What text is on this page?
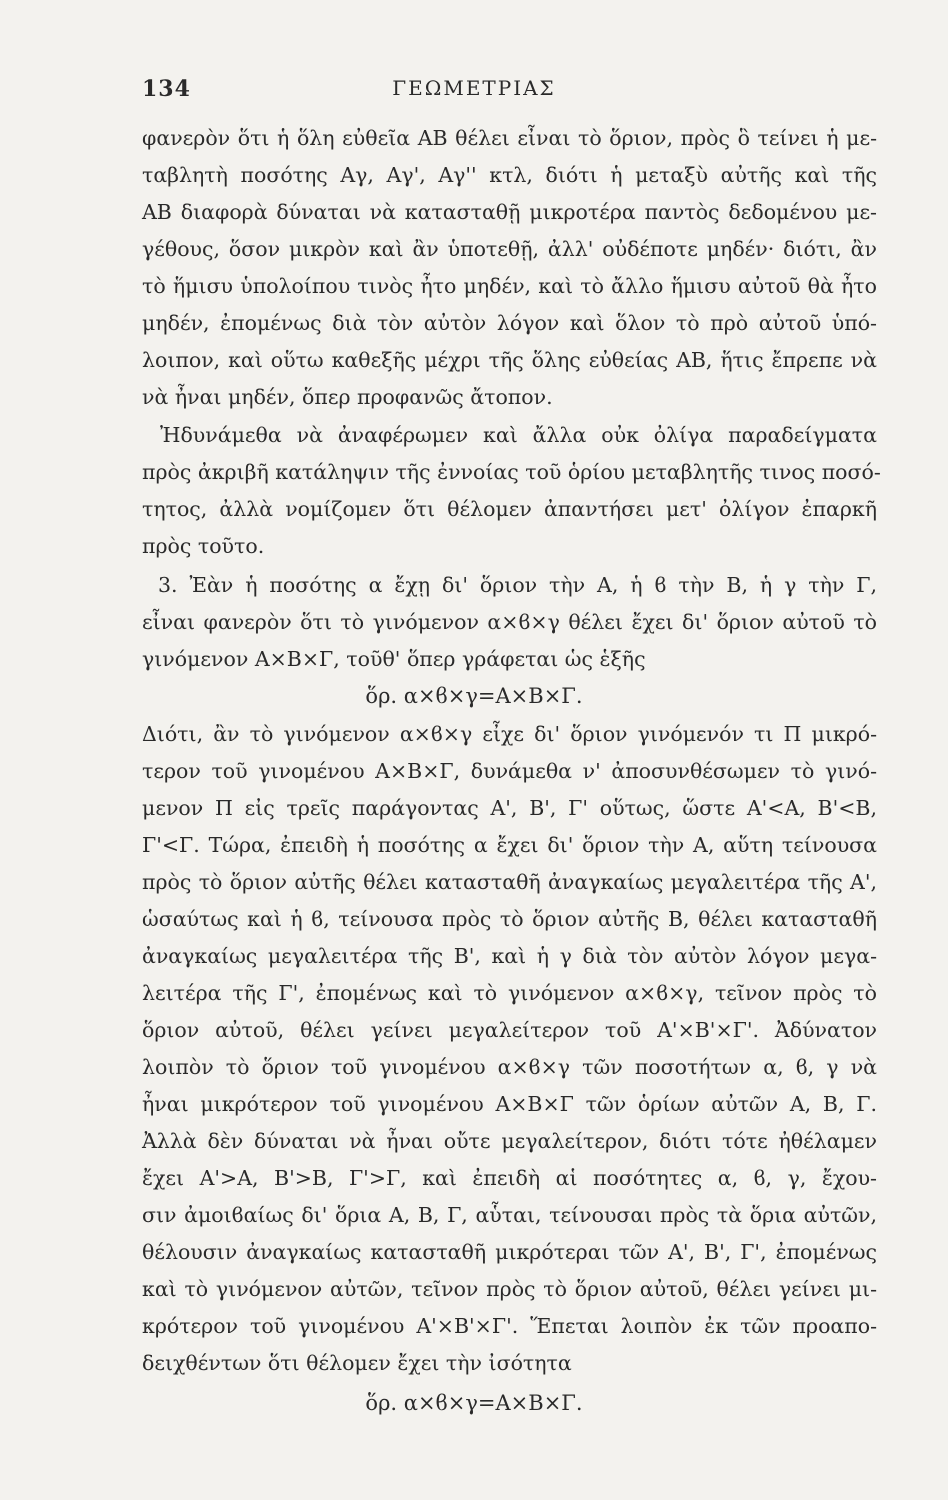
134	ΓΕΩΜΕΤΡΙΑΣ
φανερὸν ὅτι ἡ ὅλη εὐθεῖα ΑΒ θέλει εἶναι τὸ ὅριον, πρὸς ὃ τείνει ἡ με-
ταβλητὴ ποσότης Αγ, Αγ', Αγ'' κτλ, διότι ἡ μεταξὺ αὐτῆς καὶ τῆς
ΑΒ διαφορὰ δύναται νὰ κατασταθῇ μικροτέρα παντὸς δεδομένου με-
γέθους, ὅσον μικρὸν καὶ ἂν ὑποτεθῇ, ἀλλ' οὐδέποτε μηδέν· διότι, ἂν
τὸ ἥμισυ ὑπολοίπου τινὸς ἦτο μηδέν, καὶ τὸ ἄλλο ἥμισυ αὐτοῦ θὰ ἦτο
μηδέν, ἐπομένως διὰ τὸν αὐτὸν λόγον καὶ ὅλον τὸ πρὸ αὐτοῦ ὑπό-
λοιπον, καὶ οὕτω καθεξῆς μέχρι τῆς ὅλης εὐθείας ΑΒ, ἥτις ἔπρεπε νὰ
νὰ ἦναι μηδέν, ὅπερ προφανῶς ἄτοπον.
Ἠδυνάμεθα νὰ ἀναφέρωμεν καὶ ἄλλα οὐκ ὀλίγα παραδείγματα
πρὸς ἀκριβῆ κατάληψιν τῆς ἐννοίας τοῦ ὁρίου μεταβλητῆς τινος ποσό-
τητος, ἀλλὰ νομίζομεν ὅτι θέλομεν ἀπαντήσει μετ' ὀλίγον ἐπαρκῆ
πρὸς τοῦτο.
3. Ἐὰν ἡ ποσότης α ἔχῃ δι' ὅριον τὴν Α, ἡ ϐ τὴν Β, ἡ γ τὴν Γ,
εἶναι φανερὸν ὅτι τὸ γινόμενον α×ϐ×γ θέλει ἔχει δι' ὅριον αὐτοῦ τὸ
γινόμενον Α×Β×Γ, τοῦθ' ὅπερ γράφεται ὡς ἑξῆς
ὅρ. α×ϐ×γ=Α×Β×Γ.
Διότι, ἂν τὸ γινόμενον α×ϐ×γ εἶχε δι' ὅριον γινόμενόν τι Π μικρό-
τερον τοῦ γινομένου Α×Β×Γ, δυνάμεθα ν' ἀποσυνθέσωμεν τὸ γινό-
μενον Π εἰς τρεῖς παράγοντας Α', Β', Γ' οὕτως, ὥστε Α'<Α, Β'<Β,
Γ'<Γ. Τώρα, ἐπειδὴ ἡ ποσότης α ἔχει δι' ὅριον τὴν Α, αὕτη τείνουσα
πρὸς τὸ ὅριον αὐτῆς θέλει κατασταθῆ ἀναγκαίως μεγαλειτέρα τῆς Α',
ὡσαύτως καὶ ἡ ϐ, τείνουσα πρὸς τὸ ὅριον αὐτῆς Β, θέλει κατασταθῆ
ἀναγκαίως μεγαλειτέρα τῆς Β', καὶ ἡ γ διὰ τὸν αὐτὸν λόγον μεγα-
λειτέρα τῆς Γ', ἐπομένως καὶ τὸ γινόμενον α×ϐ×γ, τεῖνον πρὸς τὸ
ὅριον αὐτοῦ, θέλει γείνει μεγαλείτερον τοῦ Α'×Β'×Γ'. Ἀδύνατον
λοιπὸν τὸ ὅριον τοῦ γινομένου α×ϐ×γ τῶν ποσοτήτων α, ϐ, γ νὰ
ἦναι μικρότερον τοῦ γινομένου Α×Β×Γ τῶν ὁρίων αὐτῶν Α, Β, Γ.
Ἀλλὰ δὲν δύναται νὰ ἦναι οὔτε μεγαλείτερον, διότι τότε ἠθέλαμεν
ἔχει Α'>Α, Β'>Β, Γ'>Γ, καὶ ἐπειδὴ αἱ ποσότητες α, ϐ, γ, ἔχου-
σιν ἀμοιϐαίως δι' ὅρια Α, Β, Γ, αὗται, τείνουσαι πρὸς τὰ ὅρια αὐτῶν,
θέλουσιν ἀναγκαίως κατασταθῆ μικρότεραι τῶν Α', Β', Γ', ἐπομένως
καὶ τὸ γινόμενον αὐτῶν, τεῖνον πρὸς τὸ ὅριον αὐτοῦ, θέλει γείνει μι-
κρότερον τοῦ γινομένου Α'×Β'×Γ'. Ἕπεται λοιπὸν ἐκ τῶν προαπο-
δειχθέντων ὅτι θέλομεν ἔχει τὴν ἰσότητα
ὅρ. α×ϐ×γ=Α×Β×Γ.
